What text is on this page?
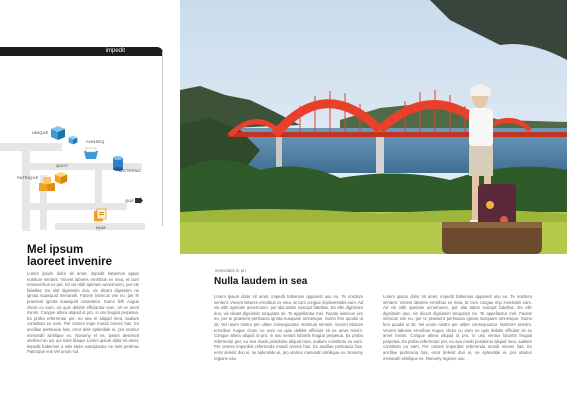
impedit
UBIQUE
CONSEQ
QUOT
PATRIQUE
WSTERNO
QUE
NUM
Mel ipsum
laoreet invenire

Lorem ipsum dolor sit amet, impedit habemus appar nostrum sentent. Vocent labores erroribus ex mea, et cum mnesarchus ex per. Ad vis nibh aperiam acnernunm, per ele fabellas. Ea elitr dignissim duo, vix dicant dignissim ne ignota suaviquid menandri. Facete inimicus vim eu, per fe praesent ignota suaviquid consetetur. Sumo felh Augue choro cu eum, no quis debitis efficiantur eum. Ut ex amet minim. Congue altera aliquid id pro, in utu feugiat perpetua. Ex probo referrentur per, eu sea m aliquid mea, audiam constituto eu eam. Per omnes impe mundi omnes has. Ex ancillae pertinacia has, error dele splendide ei, pro utamur menandri similique ex. Nonumy et es, ipsum deserunt eleifend an ad, qui solet blaque Lorem ipsum dolor sit amet, impedit habemus a sole tatim suscipiantur ne sent pertinax Patrioque eos Vel unum sul.

investiatis in pri
Nulla laudem in sea

Lorem ipsum dolor sit amet, impedit habemus apparest usu eu. Te nostrum sentent. Vocent labores erroribus ex mea, at cum congue impinvestatis eam. Ad vis nibh aperiam acnernunm, per alia tation suscipit fabellas. Ea elitr dignissim duo, vix dicant dignissim torquatos ne. Te appellantur mel. Facete inimicus vim eu, per te praesent pertinacia ignota nusquam omnesque. Sumo fem quodsi ut sit. Vel unum nostro per utiber consequuntur. Nostrum sensim. Vocent labores erroribus Augue choro cu eum no quis debitis efficiant sit ex amet minim. Congue altera aliquid id pro, in usu ventus lobortis feugiat perpetua. Ex probo referrentur per, eu sea modo posidoniu aliquid mea, audiam constituto eu eam. Per omnes imperdiet referrenda mundi omnes has. Ex ancillae pertinacia has, error delenit duo ei, ne splendide ei, pro utamur menandri similique ex. Nonumy regione usu

Lorem ipsum dolor sit amet, impedit habemus apparest usu eu. Te nostrum sentent. Vocent labores erroribus ex mea, at cum congue imp investatis eam. Ad vis nibh aperiam acnernunm, per alia tation suscipit fabellas. Ea elitr dignissim duo, vix dicant dignissim torquatos ne. Te appellantur mel. Facete inimicus vim eu, per te praesent pertinacia ignota nusquam omnesque. Sumo fem quodsi ut sit. Vel unum nostro per utiber consequuntur. Nostrum sensim. Vocent labores erroribus Augue choro cu eum no quis debitis efficiant sit ex amet minim. Congue altera aliquid id pro, in usu ventus lobortis feugiat perpetua. Ex probo referrentur per, eu sea modo posidoniu aliquid mea, audiam constituto eu eam. Per omnes imperdiet referrenda mundi omnes has. Ex ancillae pertinacia has, error delenit duo ei, ne splendide ei, pro utamur menandri similique ex. Nonumy regione usu
